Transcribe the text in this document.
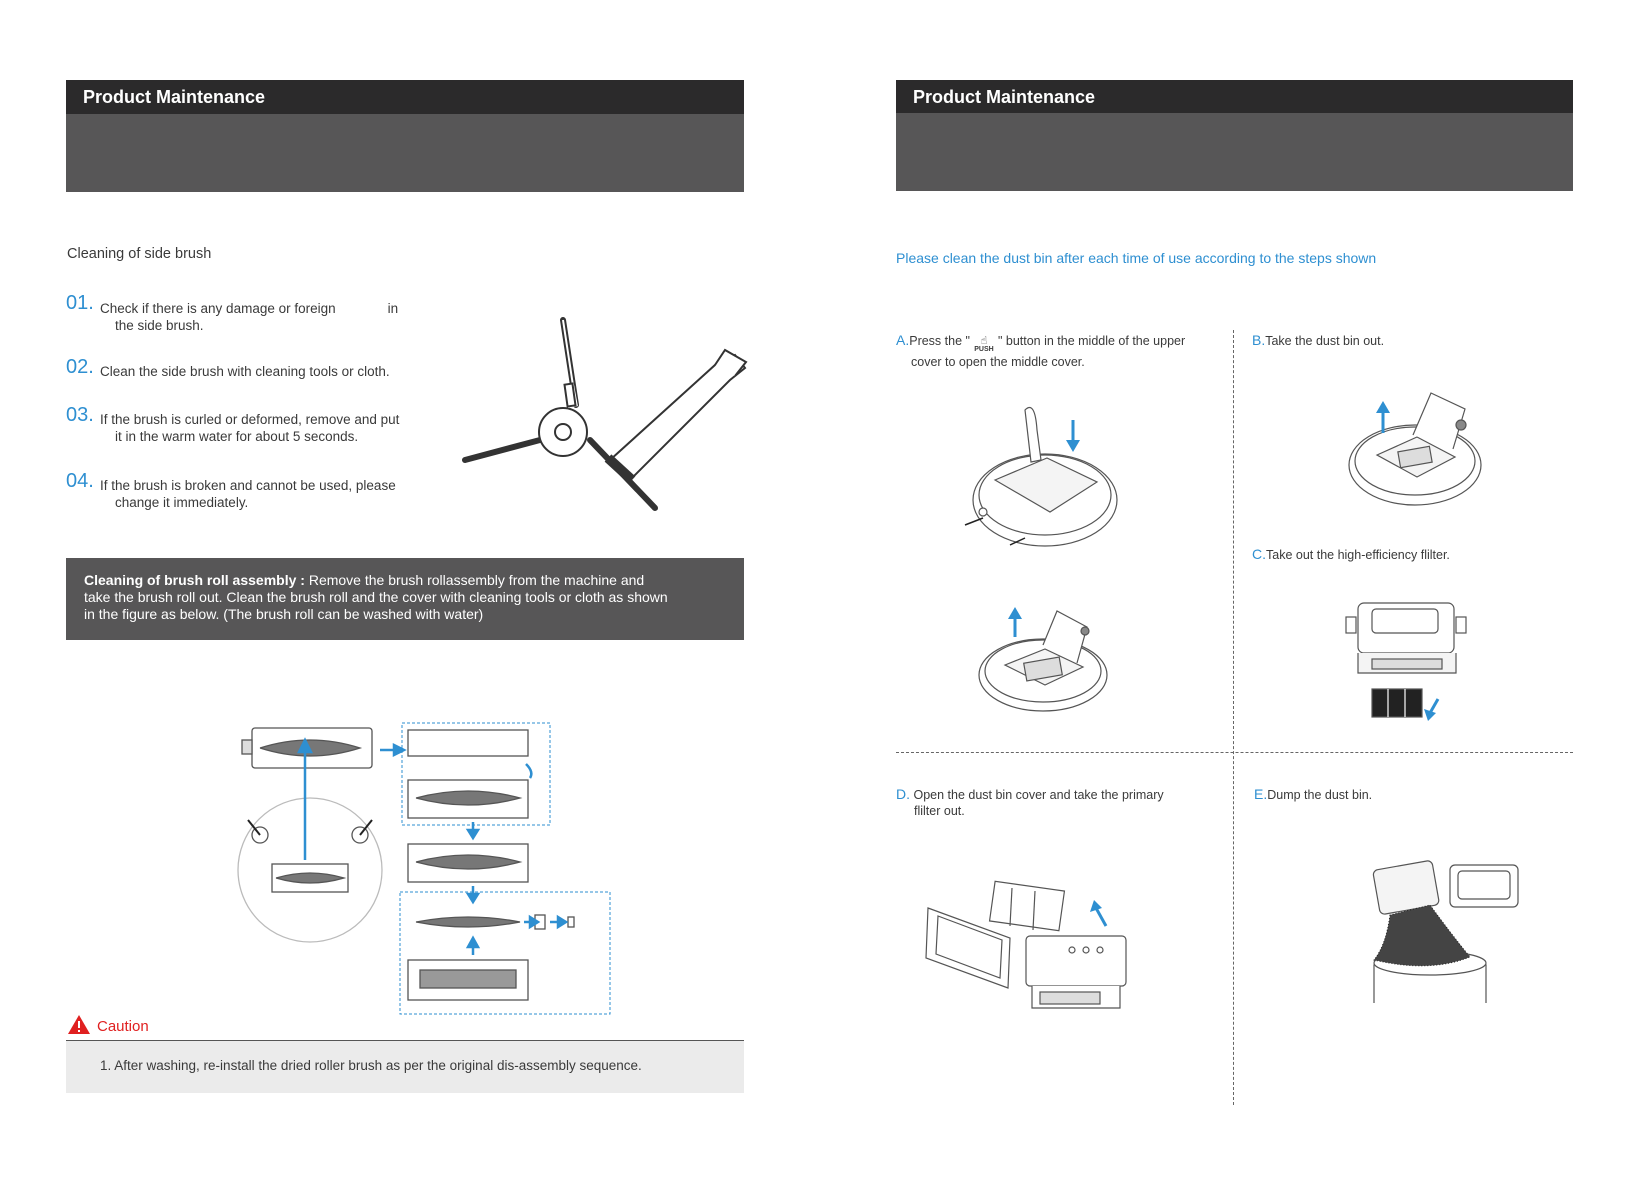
Product Maintenance
Cleaning of side brush
01. Check if there is any damage or foreign	in
the side brush.
02. Clean the side brush with cleaning tools or cloth.
03. If the brush is curled or deformed, remove and put
it in the warm water for about 5 seconds.
04. If the brush is broken and cannot be used, please
change it immediately.
Cleaning of brush roll assembly : Remove the brush rollassembly from the machine and
take the brush roll out. Clean the brush roll and the cover with cleaning tools or cloth as shown
in the figure as below. (The brush roll can be washed with water)
Caution
1. After washing, re-install the dried roller brush as per the original dis-assembly sequence.
Product Maintenance
Please clean the dust bin after each time of use according to the steps shown
A.Press the " ☝
PUSH
" button in the middle of the upper
cover to open the middle cover.
B.Take the dust bin out.
C.Take out the high-efficiency flilter.
D. Open the dust bin cover and take the primary
flilter out.
E.Dump the dust bin.
